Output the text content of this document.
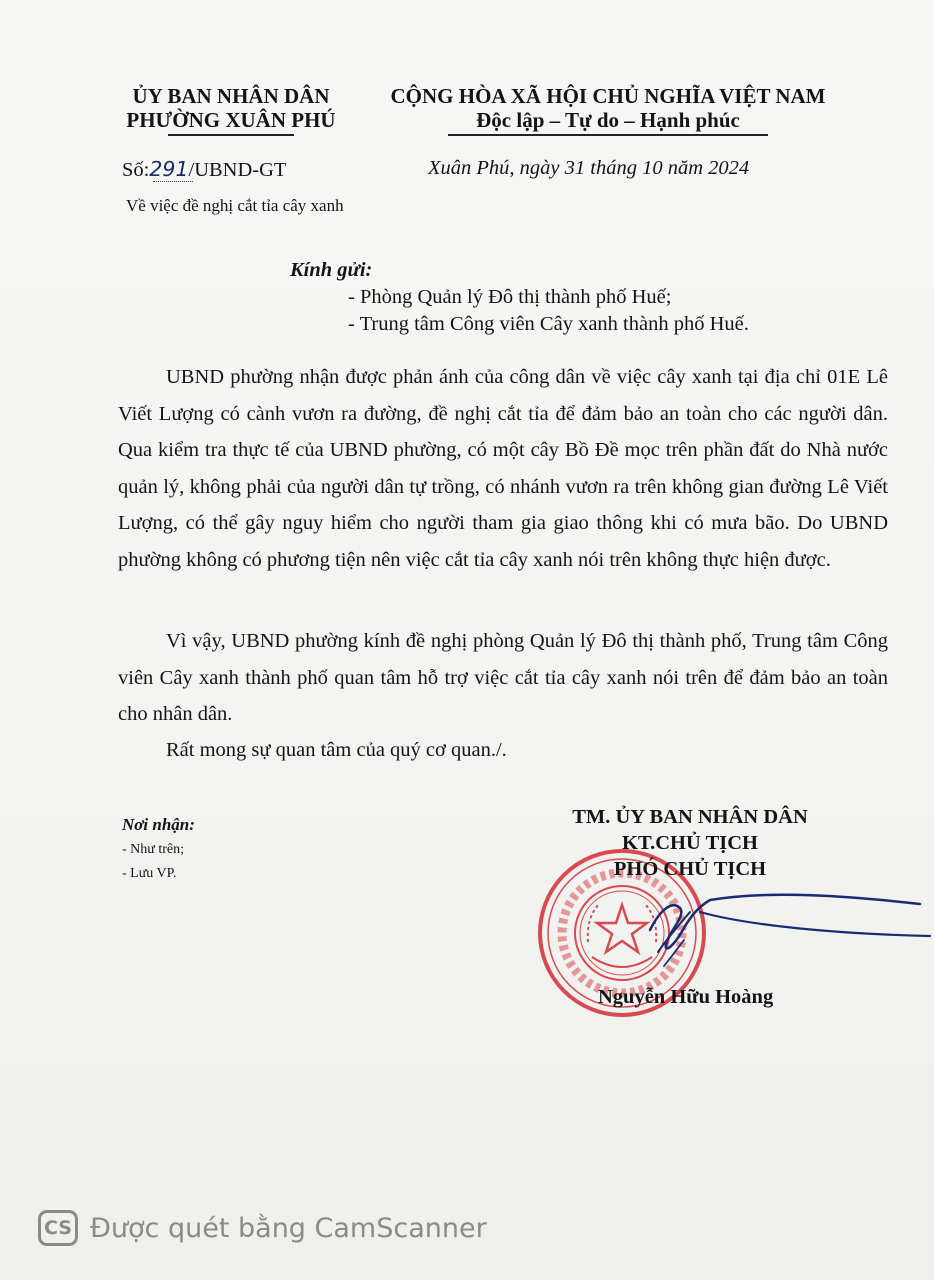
ỦY BAN NHÂN DÂN
PHƯỜNG XUÂN PHÚ
CỘNG HÒA XÃ HỘI CHỦ NGHĨA VIỆT NAM
Độc lập – Tự do – Hạnh phúc
Số:291/UBND-GT	Xuân Phú, ngày 31 tháng 10 năm 2024
Về việc đề nghị cắt tỉa cây xanh
Kính gửi:
- Phòng Quản lý Đô thị thành phố Huế;
- Trung tâm Công viên Cây xanh thành phố Huế.
UBND phường nhận được phản ánh của công dân về việc cây xanh tại địa chỉ 01E Lê Viết Lượng có cành vươn ra đường, đề nghị cắt tỉa để đảm bảo an toàn cho các người dân. Qua kiểm tra thực tế của UBND phường, có một cây Bồ Đề mọc trên phần đất do Nhà nước quản lý, không phải của người dân tự trồng, có nhánh vươn ra trên không gian đường Lê Viết Lượng, có thể gây nguy hiểm cho người tham gia giao thông khi có mưa bão. Do UBND phường không có phương tiện nên việc cắt tỉa cây xanh nói trên không thực hiện được.
Vì vậy, UBND phường kính đề nghị phòng Quản lý Đô thị thành phố, Trung tâm Công viên Cây xanh thành phố quan tâm hỗ trợ việc cắt tỉa cây xanh nói trên để đảm bảo an toàn cho nhân dân.
Rất mong sự quan tâm của quý cơ quan./.
Nơi nhận:
- Như trên;
- Lưu VP.
TM. ỦY BAN NHÂN DÂN
KT.CHỦ TỊCH
PHÓ CHỦ TỊCH
Nguyễn Hữu Hoàng
CS Được quét bằng CamScanner
